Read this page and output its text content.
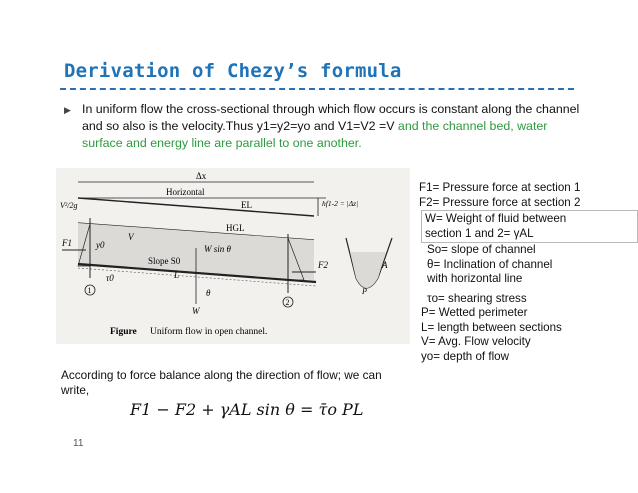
Derivation of Chezy’s formula
▶ In uniform flow the cross-sectional through which flow occurs is constant along the channel and so also is the velocity.Thus y1=y2=yo and V1=V2 =V and the channel bed, water surface and energy line are parallel to one another.
Δx
Horizontal
EL	hf1-2 = |Δz|
V²/2g
HGL
F1
F2
y0
V
W sin θ
Slope S0
τ0	L
θ
W
1
2
Figure Uniform flow in open channel.
A
P
F1= Pressure force at section 1
F2= Pressure force at section 2
W= Weight of fluid between
section 1 and 2= γAL
So= slope of channel
θ= Inclination of channel
with horizontal line
τo= shearing stress
P= Wetted perimeter
L= length between sections
V= Avg. Flow velocity
yo= depth of flow
According to force balance along the direction of flow; we can write,
F1 − F2 + γAL sin θ = τ̄o PL
11
